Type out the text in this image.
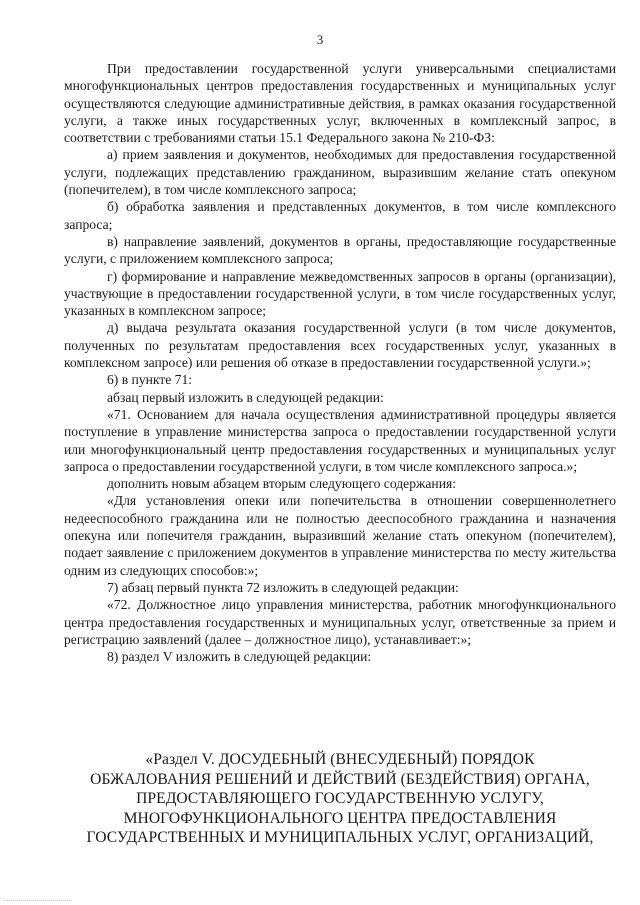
3

При предоставлении государственной услуги универсальными специалистами многофункциональных центров предоставления государственных и муниципальных услуг осуществляются следующие административные действия, в рамках оказания государственной услуги, а также иных государственных услуг, включенных в комплексный запрос, в соответствии с требованиями статьи 15.1 Федерального закона № 210-ФЗ:

а) прием заявления и документов, необходимых для предоставления государственной услуги, подлежащих представлению гражданином, выразившим желание стать опекуном (попечителем), в том числе комплексного запроса;

б) обработка заявления и представленных документов, в том числе комплексного запроса;

в) направление заявлений, документов в органы, предоставляющие государственные услуги, с приложением комплексного запроса;

г) формирование и направление межведомственных запросов в органы (организации), участвующие в предоставлении государственной услуги, в том числе государственных услуг, указанных в комплексном запросе;

д) выдача результата оказания государственной услуги (в том числе документов, полученных по результатам предоставления всех государственных услуг, указанных в комплексном запросе) или решения об отказе в предоставлении государственной услуги.»;

6) в пункте 71:

абзац первый изложить в следующей редакции:

«71. Основанием для начала осуществления административной процедуры является поступление в управление министерства запроса о предоставлении государственной услуги или многофункциональный центр предоставления государственных и муниципальных услуг запроса о предоставлении государственной услуги, в том числе комплексного запроса.»;

дополнить новым абзацем вторым следующего содержания:

«Для установления опеки или попечительства в отношении совершеннолетнего недееспособного гражданина или не полностью дееспособного гражданина и назначения опекуна или попечителя гражданин, выразивший желание стать опекуном (попечителем), подает заявление с приложением документов в управление министерства по месту жительства одним из следующих способов:»;

7) абзац первый пункта 72 изложить в следующей редакции:

«72. Должностное лицо управления министерства, работник многофункционального центра предоставления государственных и муниципальных услуг, ответственные за прием и регистрацию заявлений (далее – должностное лицо), устанавливает:»;

8) раздел V изложить в следующей редакции:

«Раздел V. ДОСУДЕБНЫЙ (ВНЕСУДЕБНЫЙ) ПОРЯДОК
ОБЖАЛОВАНИЯ РЕШЕНИЙ И ДЕЙСТВИЙ (БЕЗДЕЙСТВИЯ) ОРГАНА,
ПРЕДОСТАВЛЯЮЩЕГО ГОСУДАРСТВЕННУЮ УСЛУГУ,
МНОГОФУНКЦИОНАЛЬНОГО ЦЕНТРА ПРЕДОСТАВЛЕНИЯ
ГОСУДАРСТВЕННЫХ И МУНИЦИПАЛЬНЫХ УСЛУГ, ОРГАНИЗАЦИЙ,
